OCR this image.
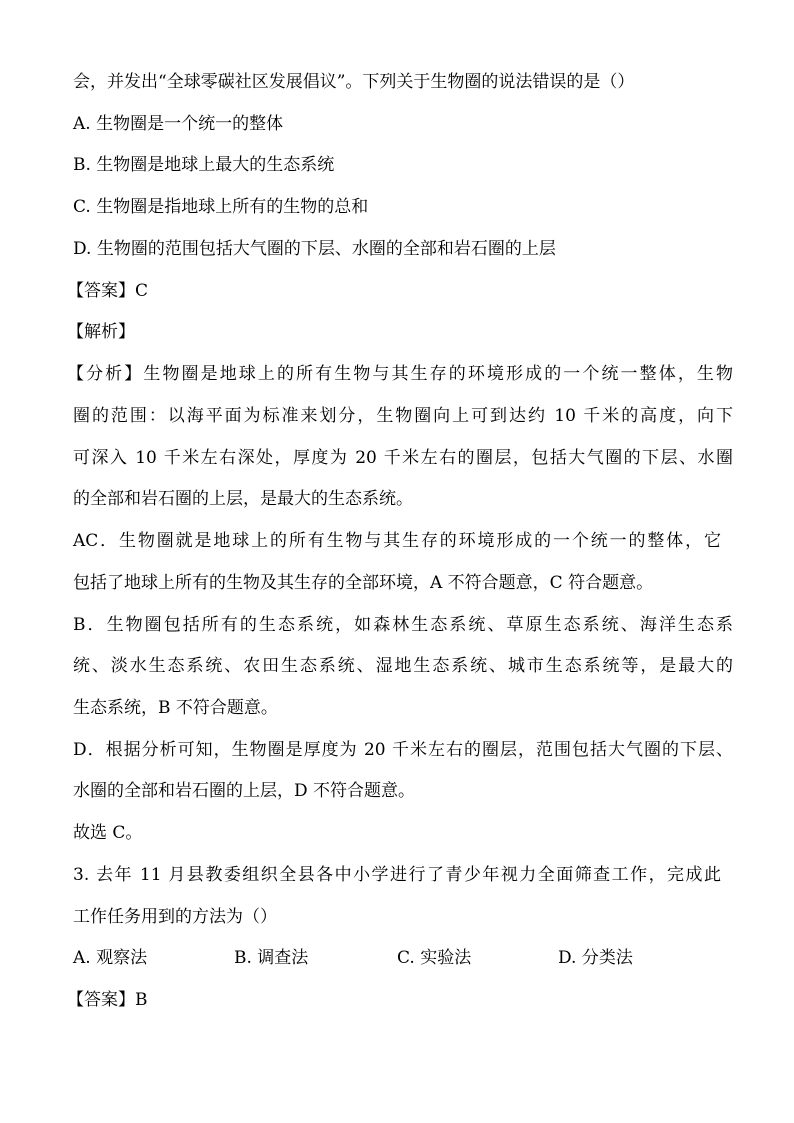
会，并发出“全球零碳社区发展倡议”。下列关于生物圈的说法错误的是（）
A. 生物圈是一个统一的整体
B. 生物圈是地球上最大的生态系统
C. 生物圈是指地球上所有的生物的总和
D. 生物圈的范围包括大气圈的下层、水圈的全部和岩石圈的上层
【答案】C
【解析】
【分析】生物圈是地球上的所有生物与其生存的环境形成的一个统一整体，生物
圈的范围：以海平面为标准来划分，生物圈向上可到达约 10 千米的高度，向下
可深入 10 千米左右深处，厚度为 20 千米左右的圈层，包括大气圈的下层、水圈
的全部和岩石圈的上层，是最大的生态系统。
AC．生物圈就是地球上的所有生物与其生存的环境形成的一个统一的整体，它
包括了地球上所有的生物及其生存的全部环境，A 不符合题意，C 符合题意。
B．生物圈包括所有的生态系统，如森林生态系统、草原生态系统、海洋生态系
统、淡水生态系统、农田生态系统、湿地生态系统、城市生态系统等，是最大的
生态系统，B 不符合题意。
D．根据分析可知，生物圈是厚度为 20 千米左右的圈层，范围包括大气圈的下层、
水圈的全部和岩石圈的上层，D 不符合题意。
故选 C。
3. 去年 11 月县教委组织全县各中小学进行了青少年视力全面筛查工作，完成此
工作任务用到的方法为（）
A. 观察法	B. 调查法	C. 实验法	D. 分类法
【答案】B
